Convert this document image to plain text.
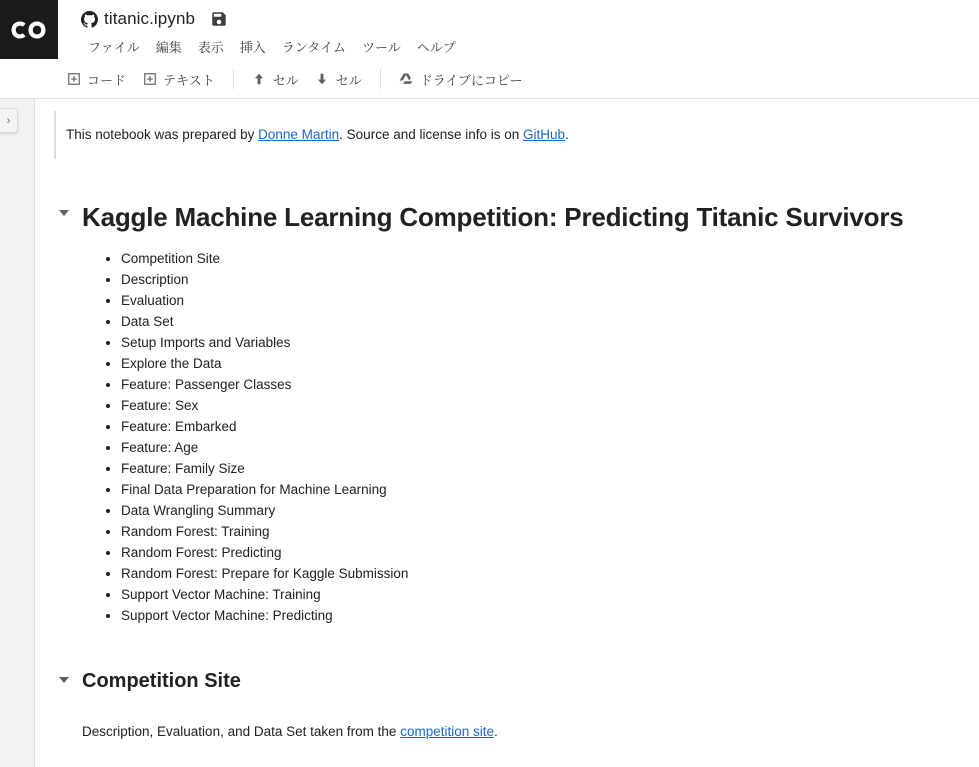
titanic.ipynb
ファイル	編集	表示	挿入	ランタイム	ツール	ヘルプ
コード	テキスト	セル	セル	ドライブにコピー
›
This notebook was prepared by Donne Martin. Source and license info is on GitHub.
Kaggle Machine Learning Competition: Predicting Titanic Survivors
• Competition Site
• Description
• Evaluation
• Data Set
• Setup Imports and Variables
• Explore the Data
• Feature: Passenger Classes
• Feature: Sex
• Feature: Embarked
• Feature: Age
• Feature: Family Size
• Final Data Preparation for Machine Learning
• Data Wrangling Summary
• Random Forest: Training
• Random Forest: Predicting
• Random Forest: Prepare for Kaggle Submission
• Support Vector Machine: Training
• Support Vector Machine: Predicting
Competition Site
Description, Evaluation, and Data Set taken from the competition site.
